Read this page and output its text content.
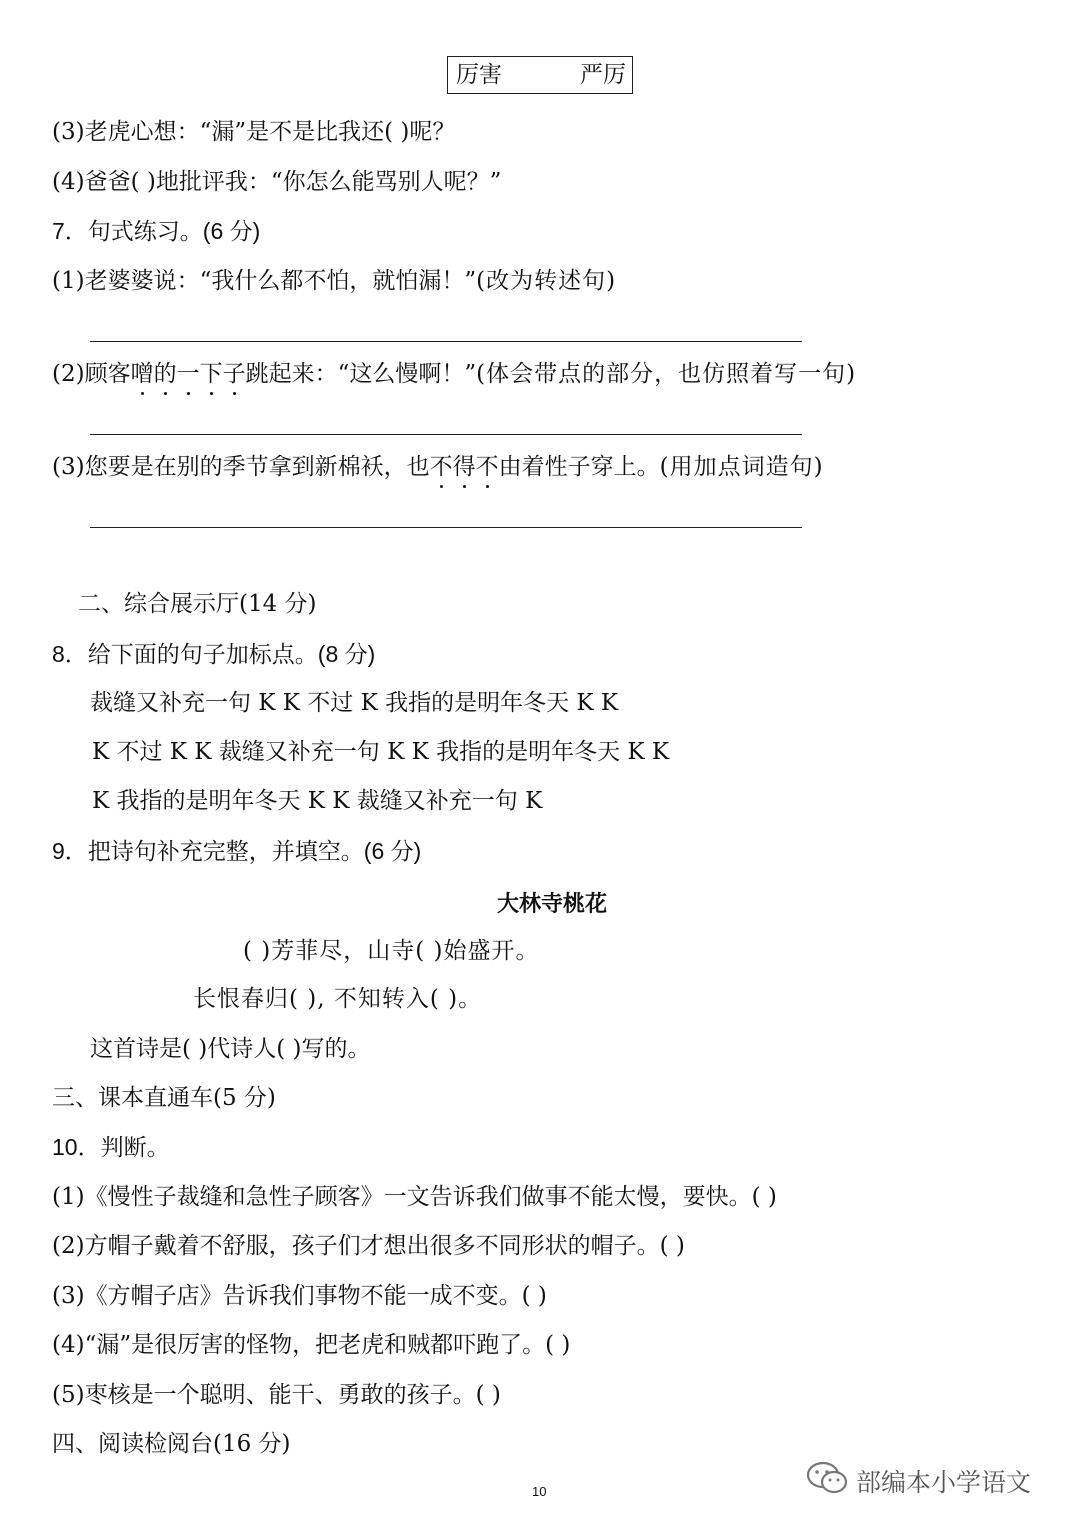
厉害	严厉
(3)老虎心想：“漏”是不是比我还( )呢？
(4)爸爸( )地批评我：“你怎么能骂别人呢？”
7．句式练习。(6 分)
(1)老婆婆说：“我什么都不怕，就怕漏！”(改为转述句)
(2)顾客噌的一下子跳起来：“这么慢啊！”(体会带点的部分，也仿照着写一句)
(3)您要是在别的季节拿到新棉袄，也不得不由着性子穿上。(用加点词造句)
二、综合展示厅(14 分)
8．给下面的句子加标点。(8 分)
裁缝又补充一句 K K 不过 K 我指的是明年冬天 K K
K 不过 K K 裁缝又补充一句 K K 我指的是明年冬天 K K
K 我指的是明年冬天 K K 裁缝又补充一句 K
9．把诗句补充完整，并填空。(6 分)
大林寺桃花
( )芳菲尽，山寺( )始盛开。
长恨春归( ), 不知转入( )。
这首诗是( )代诗人( )写的。
三、课本直通车(5 分)
10．判断。
(1)《慢性子裁缝和急性子顾客》一文告诉我们做事不能太慢，要快。( )
(2)方帽子戴着不舒服，孩子们才想出很多不同形状的帽子。( )
(3)《方帽子店》告诉我们事物不能一成不变。( )
(4)“漏”是很厉害的怪物，把老虎和贼都吓跑了。( )
(5)枣核是一个聪明、能干、勇敢的孩子。( )
四、阅读检阅台(16 分)
10	部编本小学语文
